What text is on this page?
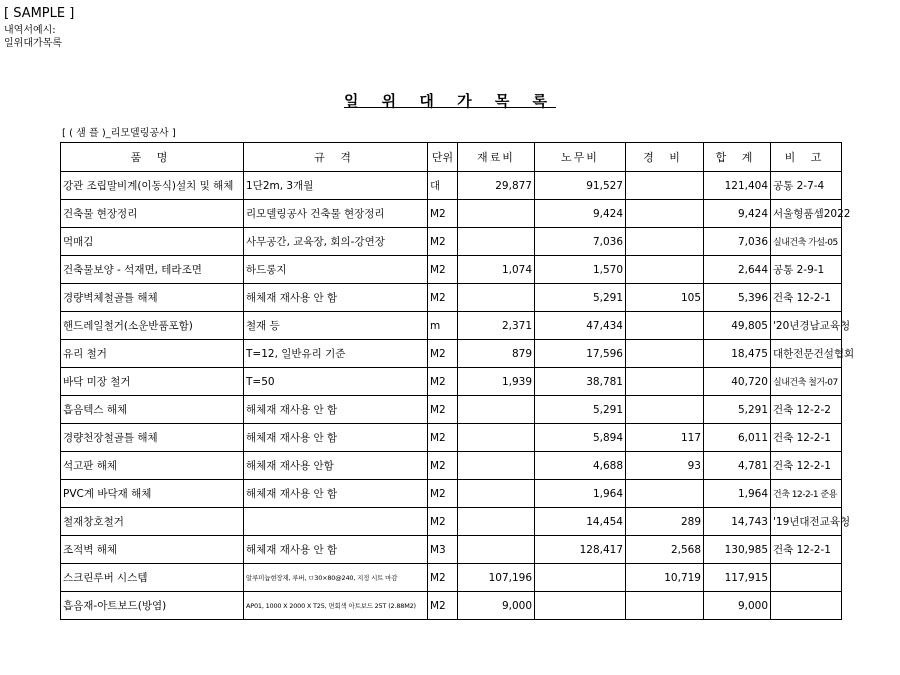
[ SAMPLE ]
내역서예시:
일위대가목록
일 위 대 가 목 록
[ ( 샘 플 )_리모델링공사 ]
품 명	규 격	단위	재료비	노무비	경 비	합 계	비 고
강관 조립말비계(이동식)설치 및 해체	1단2m, 3개월	대	29,877	91,527		121,404	공통 2-7-4
건축물 현장정리	리모델링공사 건축물 현장정리	M2		9,424		9,424	서울형품셈2022
먹매김	사무공간, 교육장, 회의-강연장	M2		7,036		7,036	실내건축 가설-05
건축물보양 - 석재면, 테라조면	하드롱지	M2	1,074	1,570		2,644	공통 2-9-1
경량벽체철골틀 해체	해체재 재사용 안 함	M2		5,291	105	5,396	건축 12-2-1
핸드레일철거(소운반품포함)	철재 등	m	2,371	47,434		49,805	'20년경남교육청
유리 철거	T=12, 일반유리 기준	M2	879	17,596		18,475	대한전문건설협회
바닥 미장 철거	T=50	M2	1,939	38,781		40,720	실내건축 철거-07
흡음텍스 해체	해체재 재사용 안 함	M2		5,291		5,291	건축 12-2-2
경량천장철골틀 해체	해체재 재사용 안 함	M2		5,894	117	6,011	건축 12-2-1
석고판 해체	해체재 재사용 안함	M2		4,688	93	4,781	건축 12-2-1
PVC계 바닥재 해체	해체재 재사용 안 함	M2		1,964		1,964	건축 12-2-1 준용
철재창호철거		M2		14,454	289	14,743	'19년대전교육청
조적벽 해체	해체재 재사용 안 함	M3		128,417	2,568	130,985	건축 12-2-1
스크린루버 시스템	알루미늄현장재, 루버, ㅁ30×80@240, 지정 시트 마감	M2	107,196		10,719	117,915	
흡음재-아트보드(방염)	AP01, 1000 X 2000 X T25, 면회색 아트보드 25T (2.88M2)	M2	9,000			9,000	
